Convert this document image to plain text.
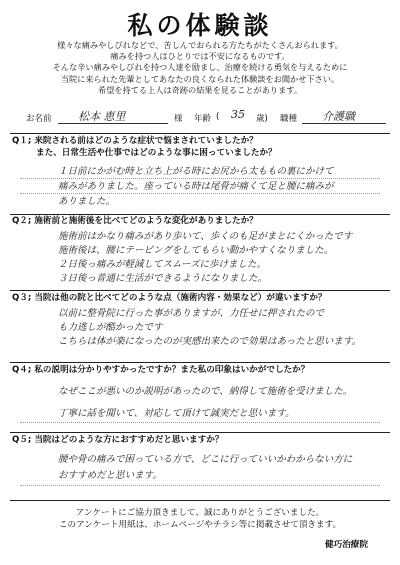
私の体験談
様々な痛みやしびれなどで、苦しんでおられる方たちがたくさんおられます。
痛みを持つ人はひとりでは不安になるものです。
そんな辛い痛みやしびれを持つ人達を励まし、治療を続ける勇気を与えるために
当院に来られた先輩としてあなたの良くなられた体験談をお聞かせ下さい。
希望を持てる上人は奇跡の結果を見ることがあります。
お名前 松本 恵里	様 年齢 ( 35 歳) 職種 介護職
Q１; 来院される前はどのような症状で悩まされていましたか？
また、日常生活や仕事ではどのような事に困っていましたか？
１日前にかがむ時と立ち上がる時にお尻から太ももの裏にかけて
痛みがありました。座っている時は尾骨が痛くて足と腰に痛みが
ありました。
Q２; 施術前と施術後を比べてどのような変化がありましたか？
施術前はかなり痛みがあり歩いて、歩くのも足がまとにくかったです
施術後は、腰にテーピングをしてもらい動かやすくなりました。
２日後っ痛みが軽減してスムーズに歩けました。
３日後っ普通に生活ができるようになりました。
Q３; 当院は他の院と比べてどのような点（施術内容・効果など）が違いますか？
以前に整骨院に行った事がありますが、力任せに押されたので
も力逃しが酷かったです
こちらは体が楽になったのが実感出来たので効果はあったと思います。
Q４; 私の説明は分かりやすかったですか？また私の印象はいかがでしたか？
なぜここが悪いのか説明があったので、納得して施術を受けました。
丁寧に話を聞いて、対応して頂けて誠実だと思います。
Q５; 当院はどのような方におすすめだと思いますか？
腰や骨の痛みで困っている方で、どこに行っていいかわからない方に
おすすめだと思います。
アンケートにご協力頂きまして、誠にありがとうございました。
このアンケート用紙は、ホームページやチラシ等に掲載させて頂きます。
健巧治療院
